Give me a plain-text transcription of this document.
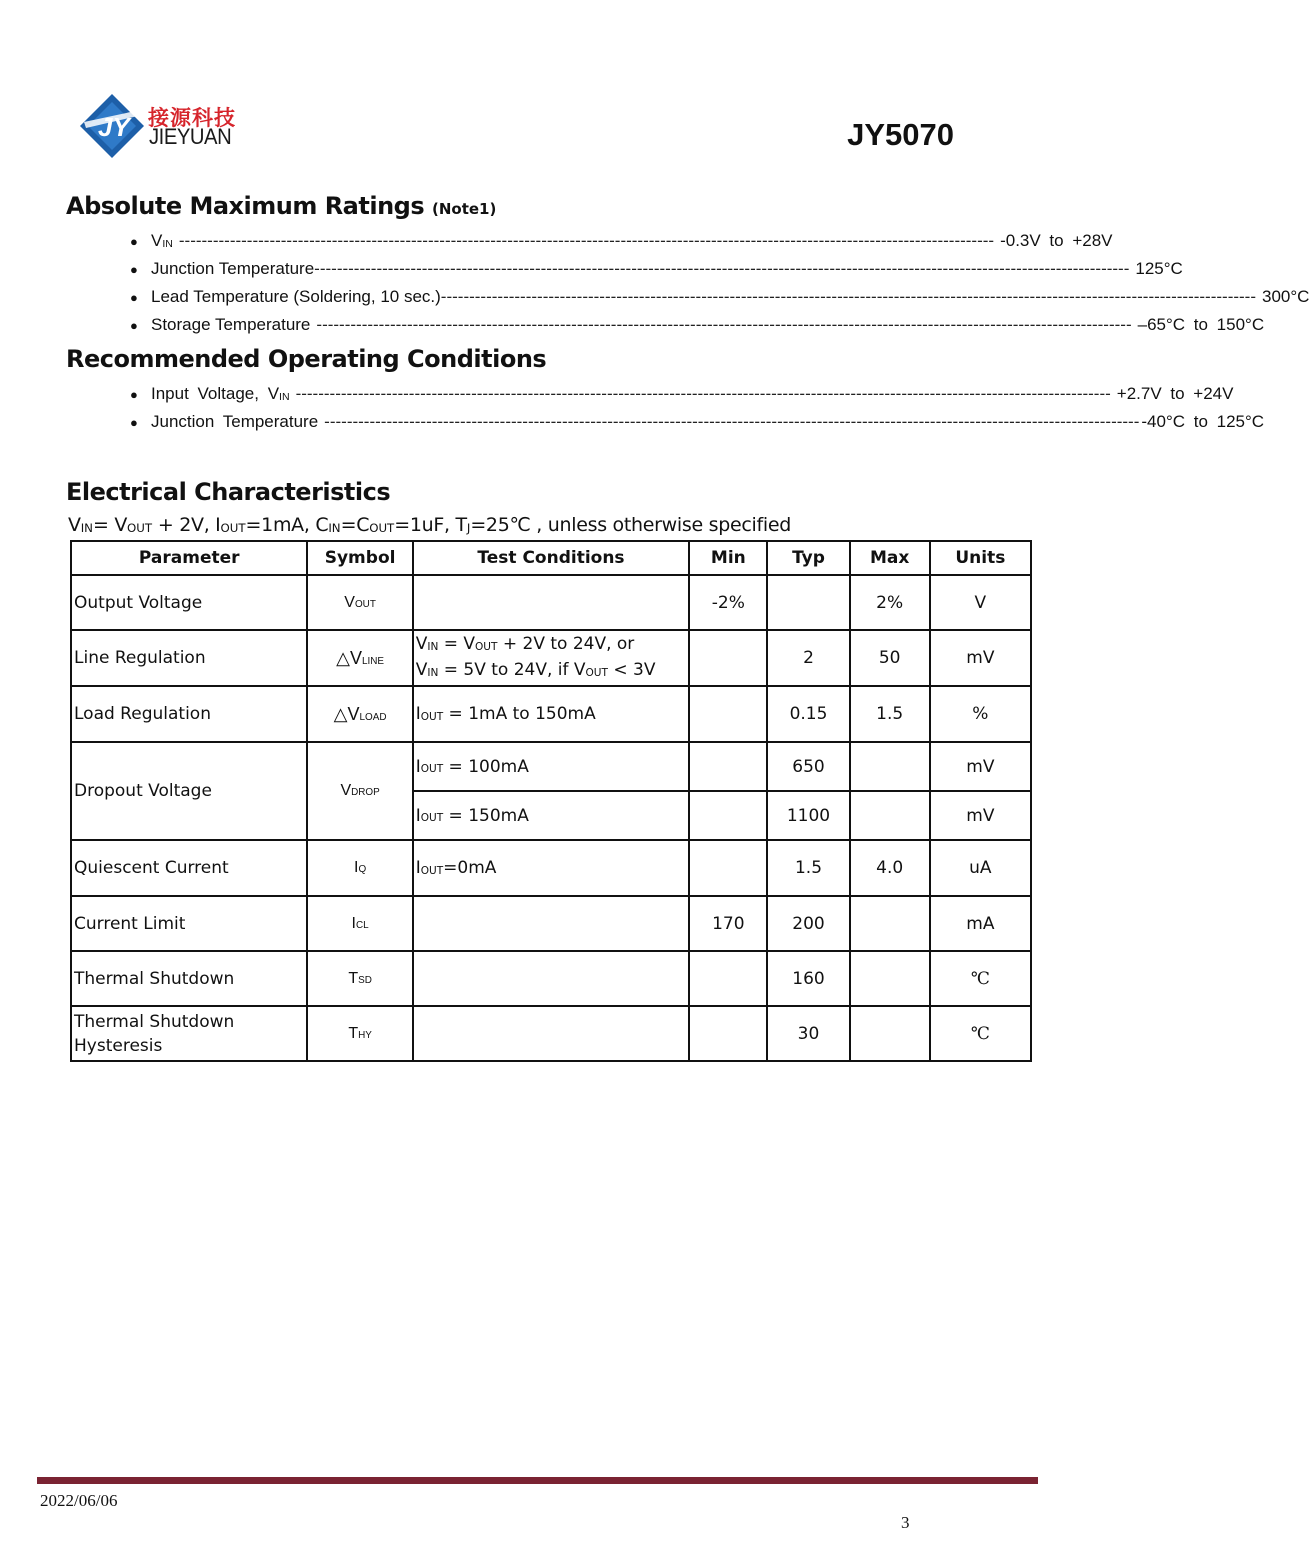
JY 接源科技
JIEYUAN	JY5070
Absolute Maximum Ratings (Note1)
● $V_{IN}$ ------------------------------------------------------------------------------------------------------------------------------------------------ -0.3V to +28V
● Junction Temperature ------------------------------------------------------------------------------------------------------------------------------------------------ 125°C
● Lead Temperature (Soldering, 10 sec.) ------------------------------------------------------------------------------------------------------------------------------------------------ 300°C
● Storage Temperature ------------------------------------------------------------------------------------------------------------------------------------------------ –65°C to 150°C
Recommended Operating Conditions
● Input Voltage, $V_{IN}$ ------------------------------------------------------------------------------------------------------------------------------------------------ +2.7V to +24V
● Junction Temperature ------------------------------------------------------------------------------------------------------------------------------------------------ -40°C to 125°C
Electrical Characteristics
$V_{IN}= V_{OUT} + 2V$, $I_{OUT}=1mA$, $C_{IN}=C_{OUT}=1uF$, $T_J=25℃$ , unless otherwise specified
Parameter	Symbol	Test Conditions	Min	Typ	Max	Units
Output Voltage	$V_{OUT}$		-2%		2%	V
Line Regulation	$\triangle V_{LINE}$	$V_{IN} = V_{OUT} + 2V$ to 24V, or
$V_{IN} = 5V$ to 24V, if $V_{OUT} < 3V$		2	50	mV
Load Regulation	$\triangle V_{LOAD}$	$I_{OUT} = 1mA$ to 150mA		0.15	1.5	%
Dropout Voltage	$V_{DROP}$	$I_{OUT} = 100mA$		650		mV
		$I_{OUT} = 150mA$		1100		mV
Quiescent Current	$I_Q$	$I_{OUT}=0mA$		1.5	4.0	uA
Current Limit	$I_{CL}$		170	200		mA
Thermal Shutdown	$T_{SD}$			160		℃

Thermal Shutdown
Hysteresis	$T_{HY}$			30		℃
2022/06/06
3
